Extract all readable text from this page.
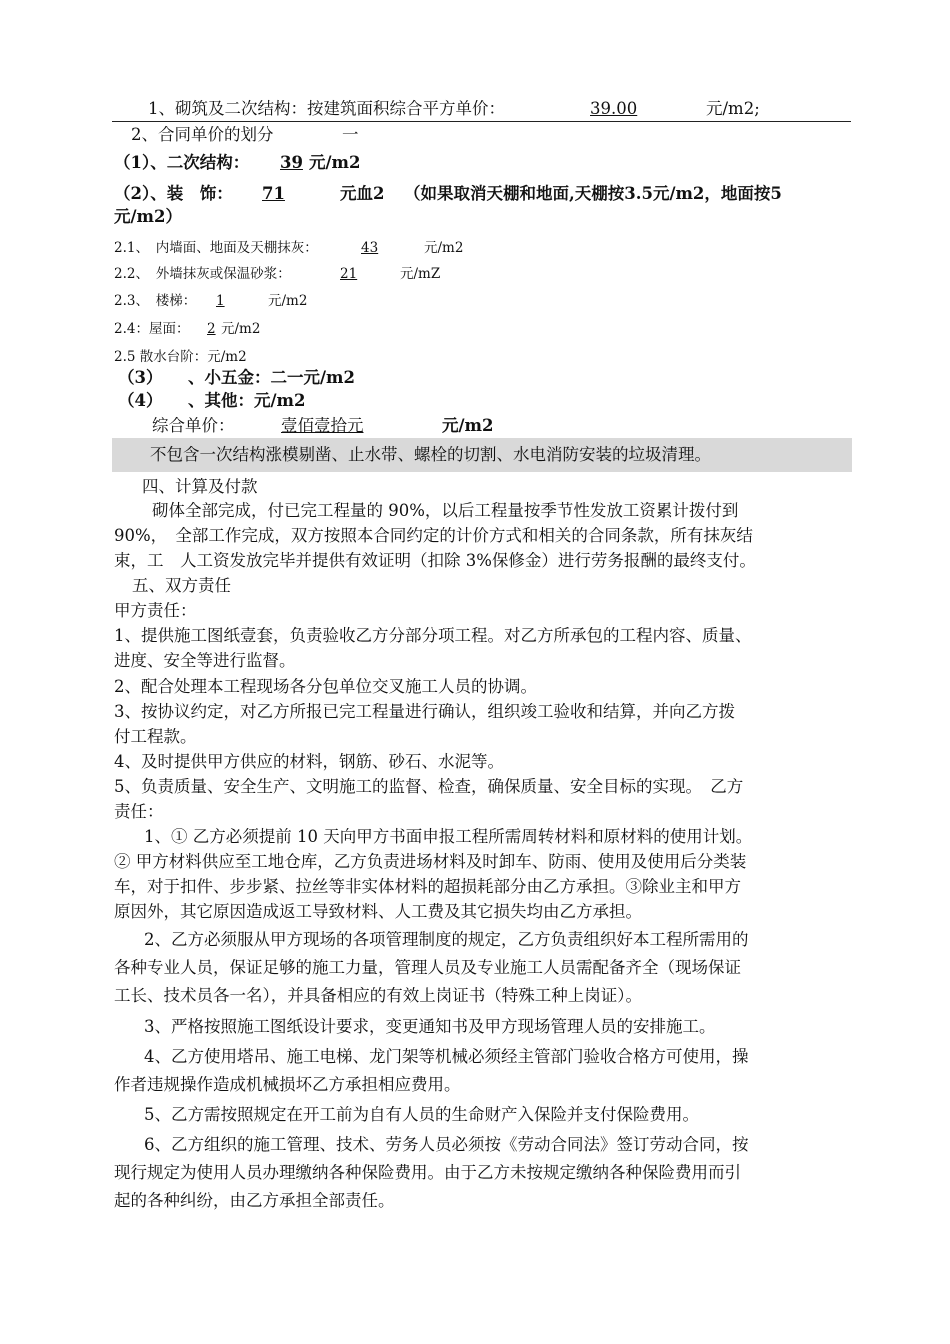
1、砌筑及二次结构：按建筑面积综合平方单价：	39.00	元/m2;
2、合同单价的划分	一
（1）、二次结构： 39 元/m2
（2）、装　饰： 71	元血2 （如果取消天棚和地面,天棚按3.5元/m2，地面按5
元/m2）
2.1、　内墙面、地面及天棚抹灰：	43	元/m2
2.2、　外墙抹灰或保温砂浆：	21	元/mZ
2.3、　楼梯： 1	元/m2
2.4：屋面： 2 元/m2
2.5 散水台阶：元/m2
（3） 、小五金：二一元/m2
（4） 、其他：元/m2
综合单价：	壹佰壹拾元	元/m2
不包含一次结构涨模剔凿、止水带、螺栓的切割、水电消防安装的垃圾清理。
四、计算及付款
砌体全部完成，付已完工程量的 90%，以后工程量按季节性发放工资累计拨付到
90%，　全部工作完成，双方按照本合同约定的计价方式和相关的合同条款，所有抹灰结
束，工　人工资发放完毕并提供有效证明（扣除 3%保修金）进行劳务报酬的最终支付。
五、双方责任
甲方责任：
1、提供施工图纸壹套，负责验收乙方分部分项工程。对乙方所承包的工程内容、质量、
进度、安全等进行监督。
2、配合处理本工程现场各分包单位交叉施工人员的协调。
3、按协议约定，对乙方所报已完工程量进行确认，组织竣工验收和结算，并向乙方拨
付工程款。
4、及时提供甲方供应的材料，钢筋、砂石、水泥等。
5、负责质量、安全生产、文明施工的监督、检查，确保质量、安全目标的实现。　乙方
责任：
1、① 乙方必须提前 10 天向甲方书面申报工程所需周转材料和原材料的使用计划。
② 甲方材料供应至工地仓库，乙方负责进场材料及时卸车、防雨、使用及使用后分类装
车，对于扣件、步步紧、拉丝等非实体材料的超损耗部分由乙方承担。③除业主和甲方
原因外，其它原因造成返工导致材料、人工费及其它损失均由乙方承担。
2、乙方必须服从甲方现场的各项管理制度的规定，乙方负责组织好本工程所需用的
各种专业人员，保证足够的施工力量，管理人员及专业施工人员需配备齐全（现场保证
工长、技术员各一名），并具备相应的有效上岗证书（特殊工种上岗证）。
3、严格按照施工图纸设计要求，变更通知书及甲方现场管理人员的安排施工。
4、乙方使用塔吊、施工电梯、龙门架等机械必须经主管部门验收合格方可使用，操
作者违规操作造成机械损坏乙方承担相应费用。
5、乙方需按照规定在开工前为自有人员的生命财产入保险并支付保险费用。
6、乙方组织的施工管理、技术、劳务人员必须按《劳动合同法》签订劳动合同，按
现行规定为使用人员办理缴纳各种保险费用。由于乙方未按规定缴纳各种保险费用而引
起的各种纠纷，由乙方承担全部责任。
